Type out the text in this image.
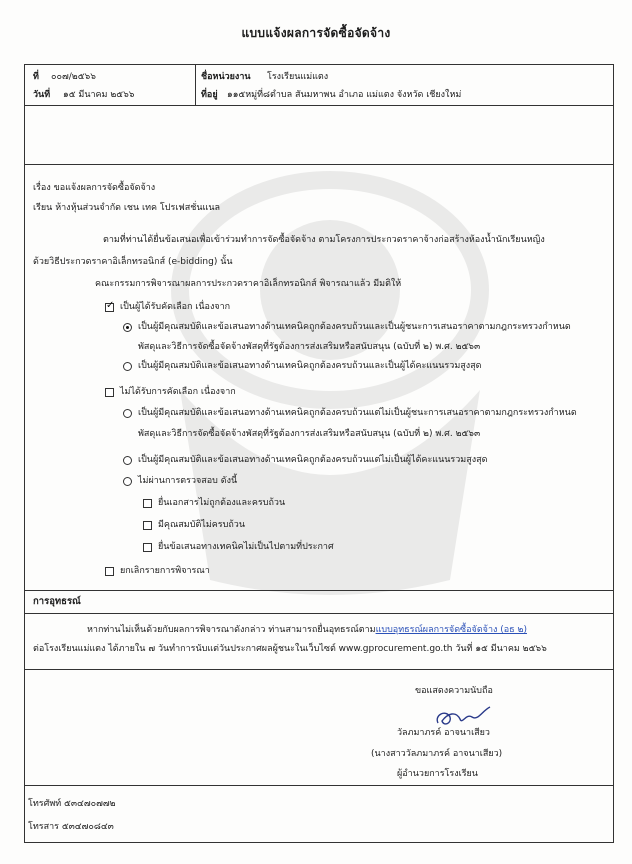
แบบแจ้งผลการจัดซื้อจัดจ้าง
ที่ ๐๐๗/๒๕๖๖
วันที่ ๑๕ มีนาคม ๒๕๖๖
ชื่อหน่วยงาน โรงเรียนแม่แตง
ที่อยู่ ๑๑๕หมู่ที่๘ตำบล สันมหาพน อำเภอ แม่แตง จังหวัด เชียงใหม่
เรื่อง ขอแจ้งผลการจัดซื้อจัดจ้าง
เรียน ห้างหุ้นส่วนจำกัด เชน เทค โปรเฟสชั่นแนล
ตามที่ท่านได้ยื่นข้อเสนอเพื่อเข้าร่วมทำการจัดซื้อจัดจ้าง ตามโครงการประกวดราคาจ้างก่อสร้างห้องน้ำนักเรียนหญิง
ด้วยวิธีประกวดราคาอิเล็กทรอนิกส์ (e-bidding) นั้น
คณะกรรมการพิจารณาผลการประกวดราคาอิเล็กทรอนิกส์ พิจารณาแล้ว มีมติให้
✓
เป็นผู้ได้รับคัดเลือก เนื่องจาก
เป็นผู้มีคุณสมบัติและข้อเสนอทางด้านเทคนิคถูกต้องครบถ้วนและเป็นผู้ชนะการเสนอราคาตามกฎกระทรวงกำหนด
พัสดุและวิธีการจัดซื้อจัดจ้างพัสดุที่รัฐต้องการส่งเสริมหรือสนับสนุน (ฉบับที่ ๒) พ.ศ. ๒๕๖๓
เป็นผู้มีคุณสมบัติและข้อเสนอทางด้านเทคนิคถูกต้องครบถ้วนและเป็นผู้ได้คะแนนรวมสูงสุด
ไม่ได้รับการคัดเลือก เนื่องจาก
เป็นผู้มีคุณสมบัติและข้อเสนอทางด้านเทคนิคถูกต้องครบถ้วนแต่ไม่เป็นผู้ชนะการเสนอราคาตามกฎกระทรวงกำหนด
พัสดุและวิธีการจัดซื้อจัดจ้างพัสดุที่รัฐต้องการส่งเสริมหรือสนับสนุน (ฉบับที่ ๒) พ.ศ. ๒๕๖๓
เป็นผู้มีคุณสมบัติและข้อเสนอทางด้านเทคนิคถูกต้องครบถ้วนแต่ไม่เป็นผู้ได้คะแนนรวมสูงสุด
ไม่ผ่านการตรวจสอบ ดังนี้
ยื่นเอกสารไม่ถูกต้องและครบถ้วน
มีคุณสมบัติไม่ครบถ้วน
ยื่นข้อเสนอทางเทคนิคไม่เป็นไปตามที่ประกาศ
ยกเลิกรายการพิจารณา
การอุทธรณ์
หากท่านไม่เห็นด้วยกับผลการพิจารณาดังกล่าว ท่านสามารถยื่นอุทธรณ์ตามแบบอุทธรณ์ผลการจัดซื้อจัดจ้าง (อธ ๒)
ต่อโรงเรียนแม่แตง ได้ภายใน ๗ วันทำการนับแต่วันประกาศผลผู้ชนะในเว็บไซต์ www.gprocurement.go.th วันที่ ๑๕ มีนาคม ๒๕๖๖
ขอแสดงความนับถือ
วัลภมาภรค์ อาจนาเสียว
(นางสาววัลภมาภรค์ อาจนาเสียว)
ผู้อำนวยการโรงเรียน
โทรศัพท์ ๕๓๔๗๐๗๗๒
โทรสาร ๕๓๔๗๐๘๔๓
